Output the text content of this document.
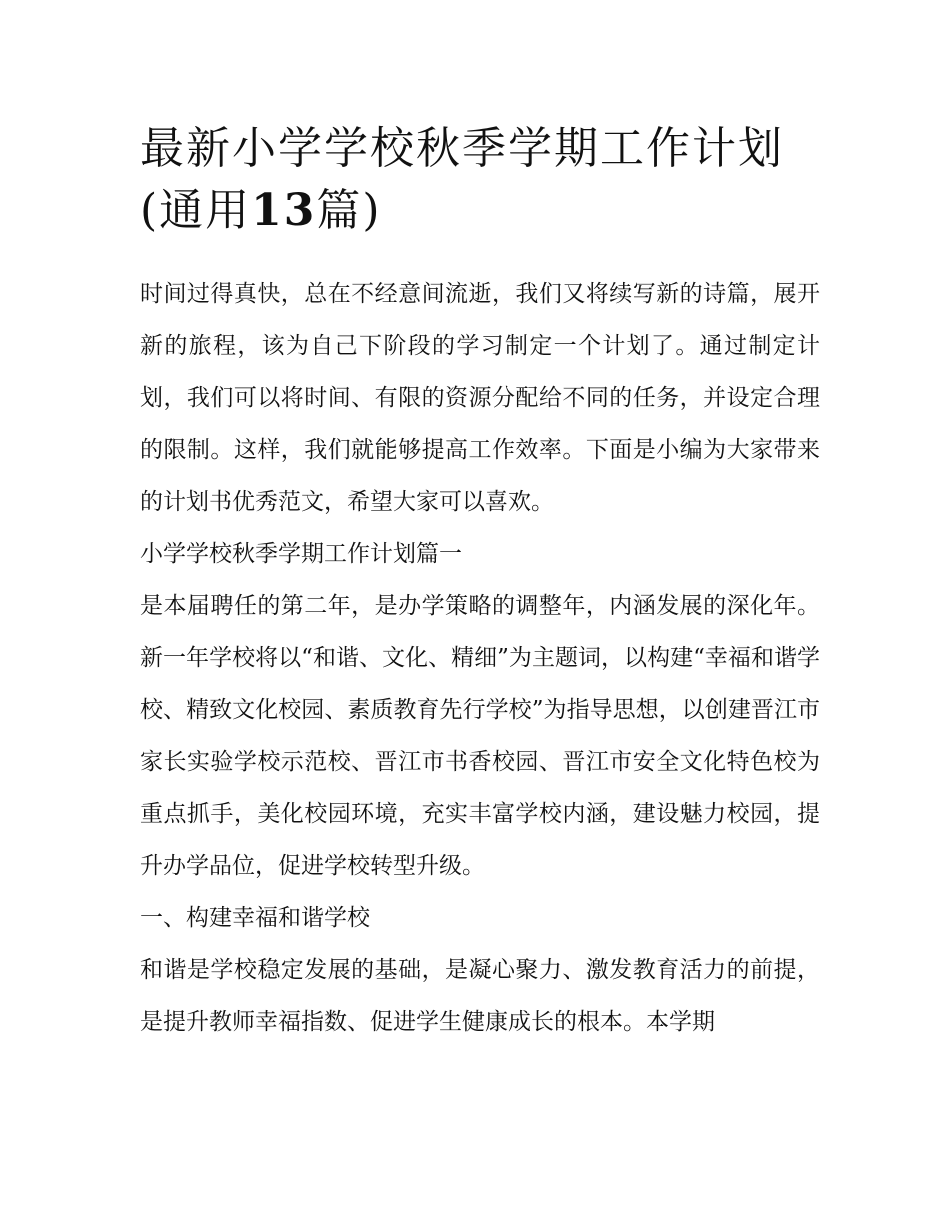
最新小学学校秋季学期工作计划(通用13篇)

时间过得真快，总在不经意间流逝，我们又将续写新的诗篇，展开新的旅程，该为自己下阶段的学习制定一个计划了。通过制定计划，我们可以将时间、有限的资源分配给不同的任务，并设定合理的限制。这样，我们就能够提高工作效率。下面是小编为大家带来的计划书优秀范文，希望大家可以喜欢。

小学学校秋季学期工作计划篇一

是本届聘任的第二年，是办学策略的调整年，内涵发展的深化年。新一年学校将以“和谐、文化、精细”为主题词，以构建“幸福和谐学校、精致文化校园、素质教育先行学校”为指导思想，以创建晋江市家长实验学校示范校、晋江市书香校园、晋江市安全文化特色校为重点抓手，美化校园环境，充实丰富学校内涵，建设魅力校园，提升办学品位，促进学校转型升级。

一、构建幸福和谐学校

和谐是学校稳定发展的基础，是凝心聚力、激发教育活力的前提，是提升教师幸福指数、促进学生健康成长的根本。本学期
